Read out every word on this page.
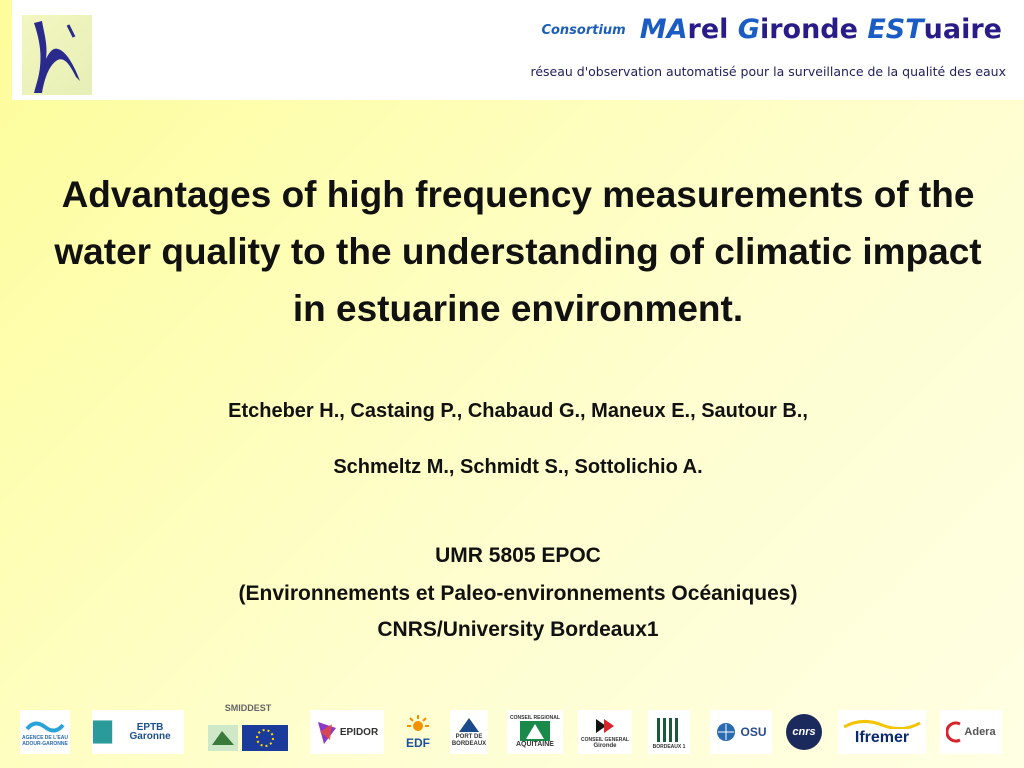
Consortium MArel Gironde ESTuaire
réseau d'observation automatisé pour la surveillance de la qualité des eaux
Advantages of high frequency measurements of the water quality to the understanding of climatic impact in estuarine environment.
Etcheber H., Castaing P., Chabaud G., Maneux E., Sautour B.,
Schmeltz M., Schmidt S., Sottolichio A.
UMR 5805 EPOC
(Environnements et Paleo-environnements Océaniques)
CNRS/University Bordeaux1
AGENCE DE L'EAU ADOUR-GARONNE
EPTB Garonne
SMIDDEST
EPIDOR
EDF	PORT DE
BORDEAUX
CONSEIL REGIONAL
AQUITAINE
CONSEIL GENERAL
Gironde	BORDEAUX 1
OSU	cnrs	Ifremer	Adera
